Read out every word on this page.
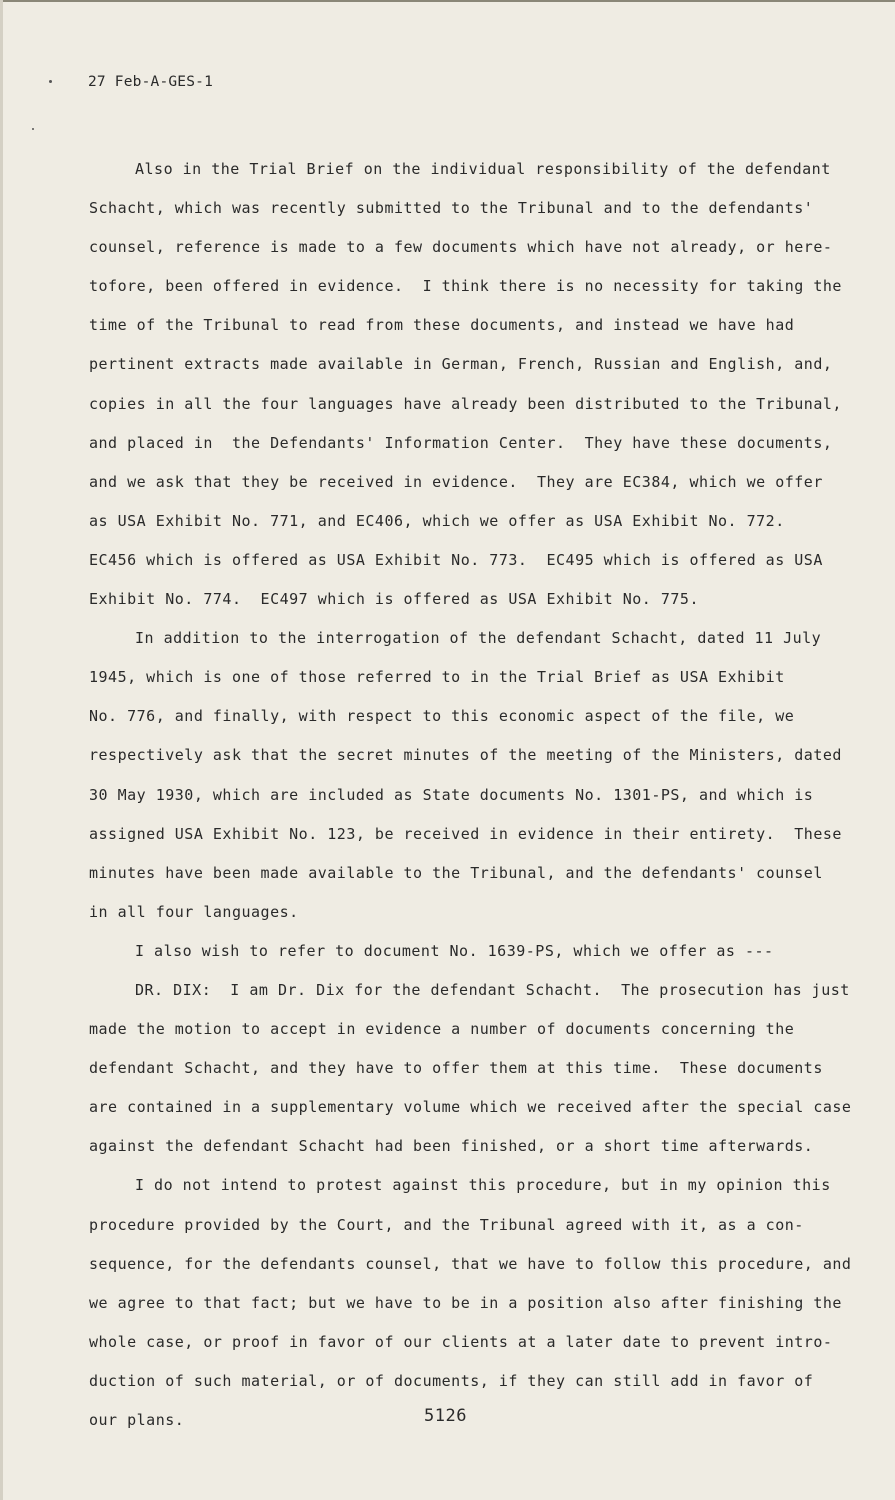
27 Feb-A-GES-1
Also in the Trial Brief on the individual responsibility of the defendant
Schacht, which was recently submitted to the Tribunal and to the defendants'
counsel, reference is made to a few documents which have not already, or here-
tofore, been offered in evidence.  I think there is no necessity for taking the
time of the Tribunal to read from these documents, and instead we have had
pertinent extracts made available in German, French, Russian and English, and,
copies in all the four languages have already been distributed to the Tribunal,
and placed in  the Defendants' Information Center.  They have these documents,
and we ask that they be received in evidence.  They are EC384, which we offer
as USA Exhibit No. 771, and EC406, which we offer as USA Exhibit No. 772.
EC456 which is offered as USA Exhibit No. 773.  EC495 which is offered as USA
Exhibit No. 774.  EC497 which is offered as USA Exhibit No. 775.
In addition to the interrogation of the defendant Schacht, dated 11 July
1945, which is one of those referred to in the Trial Brief as USA Exhibit
No. 776, and finally, with respect to this economic aspect of the file, we
respectively ask that the secret minutes of the meeting of the Ministers, dated
30 May 1930, which are included as State documents No. 1301-PS, and which is
assigned USA Exhibit No. 123, be received in evidence in their entirety.  These
minutes have been made available to the Tribunal, and the defendants' counsel
in all four languages.
I also wish to refer to document No. 1639-PS, which we offer as ---
DR. DIX:  I am Dr. Dix for the defendant Schacht.  The prosecution has just
made the motion to accept in evidence a number of documents concerning the
defendant Schacht, and they have to offer them at this time.  These documents
are contained in a supplementary volume which we received after the special case
against the defendant Schacht had been finished, or a short time afterwards.
I do not intend to protest against this procedure, but in my opinion this
procedure provided by the Court, and the Tribunal agreed with it, as a con-
sequence, for the defendants counsel, that we have to follow this procedure, and
we agree to that fact; but we have to be in a position also after finishing the
whole case, or proof in favor of our clients at a later date to prevent intro-
duction of such material, or of documents, if they can still add in favor of
our plans.	5126
